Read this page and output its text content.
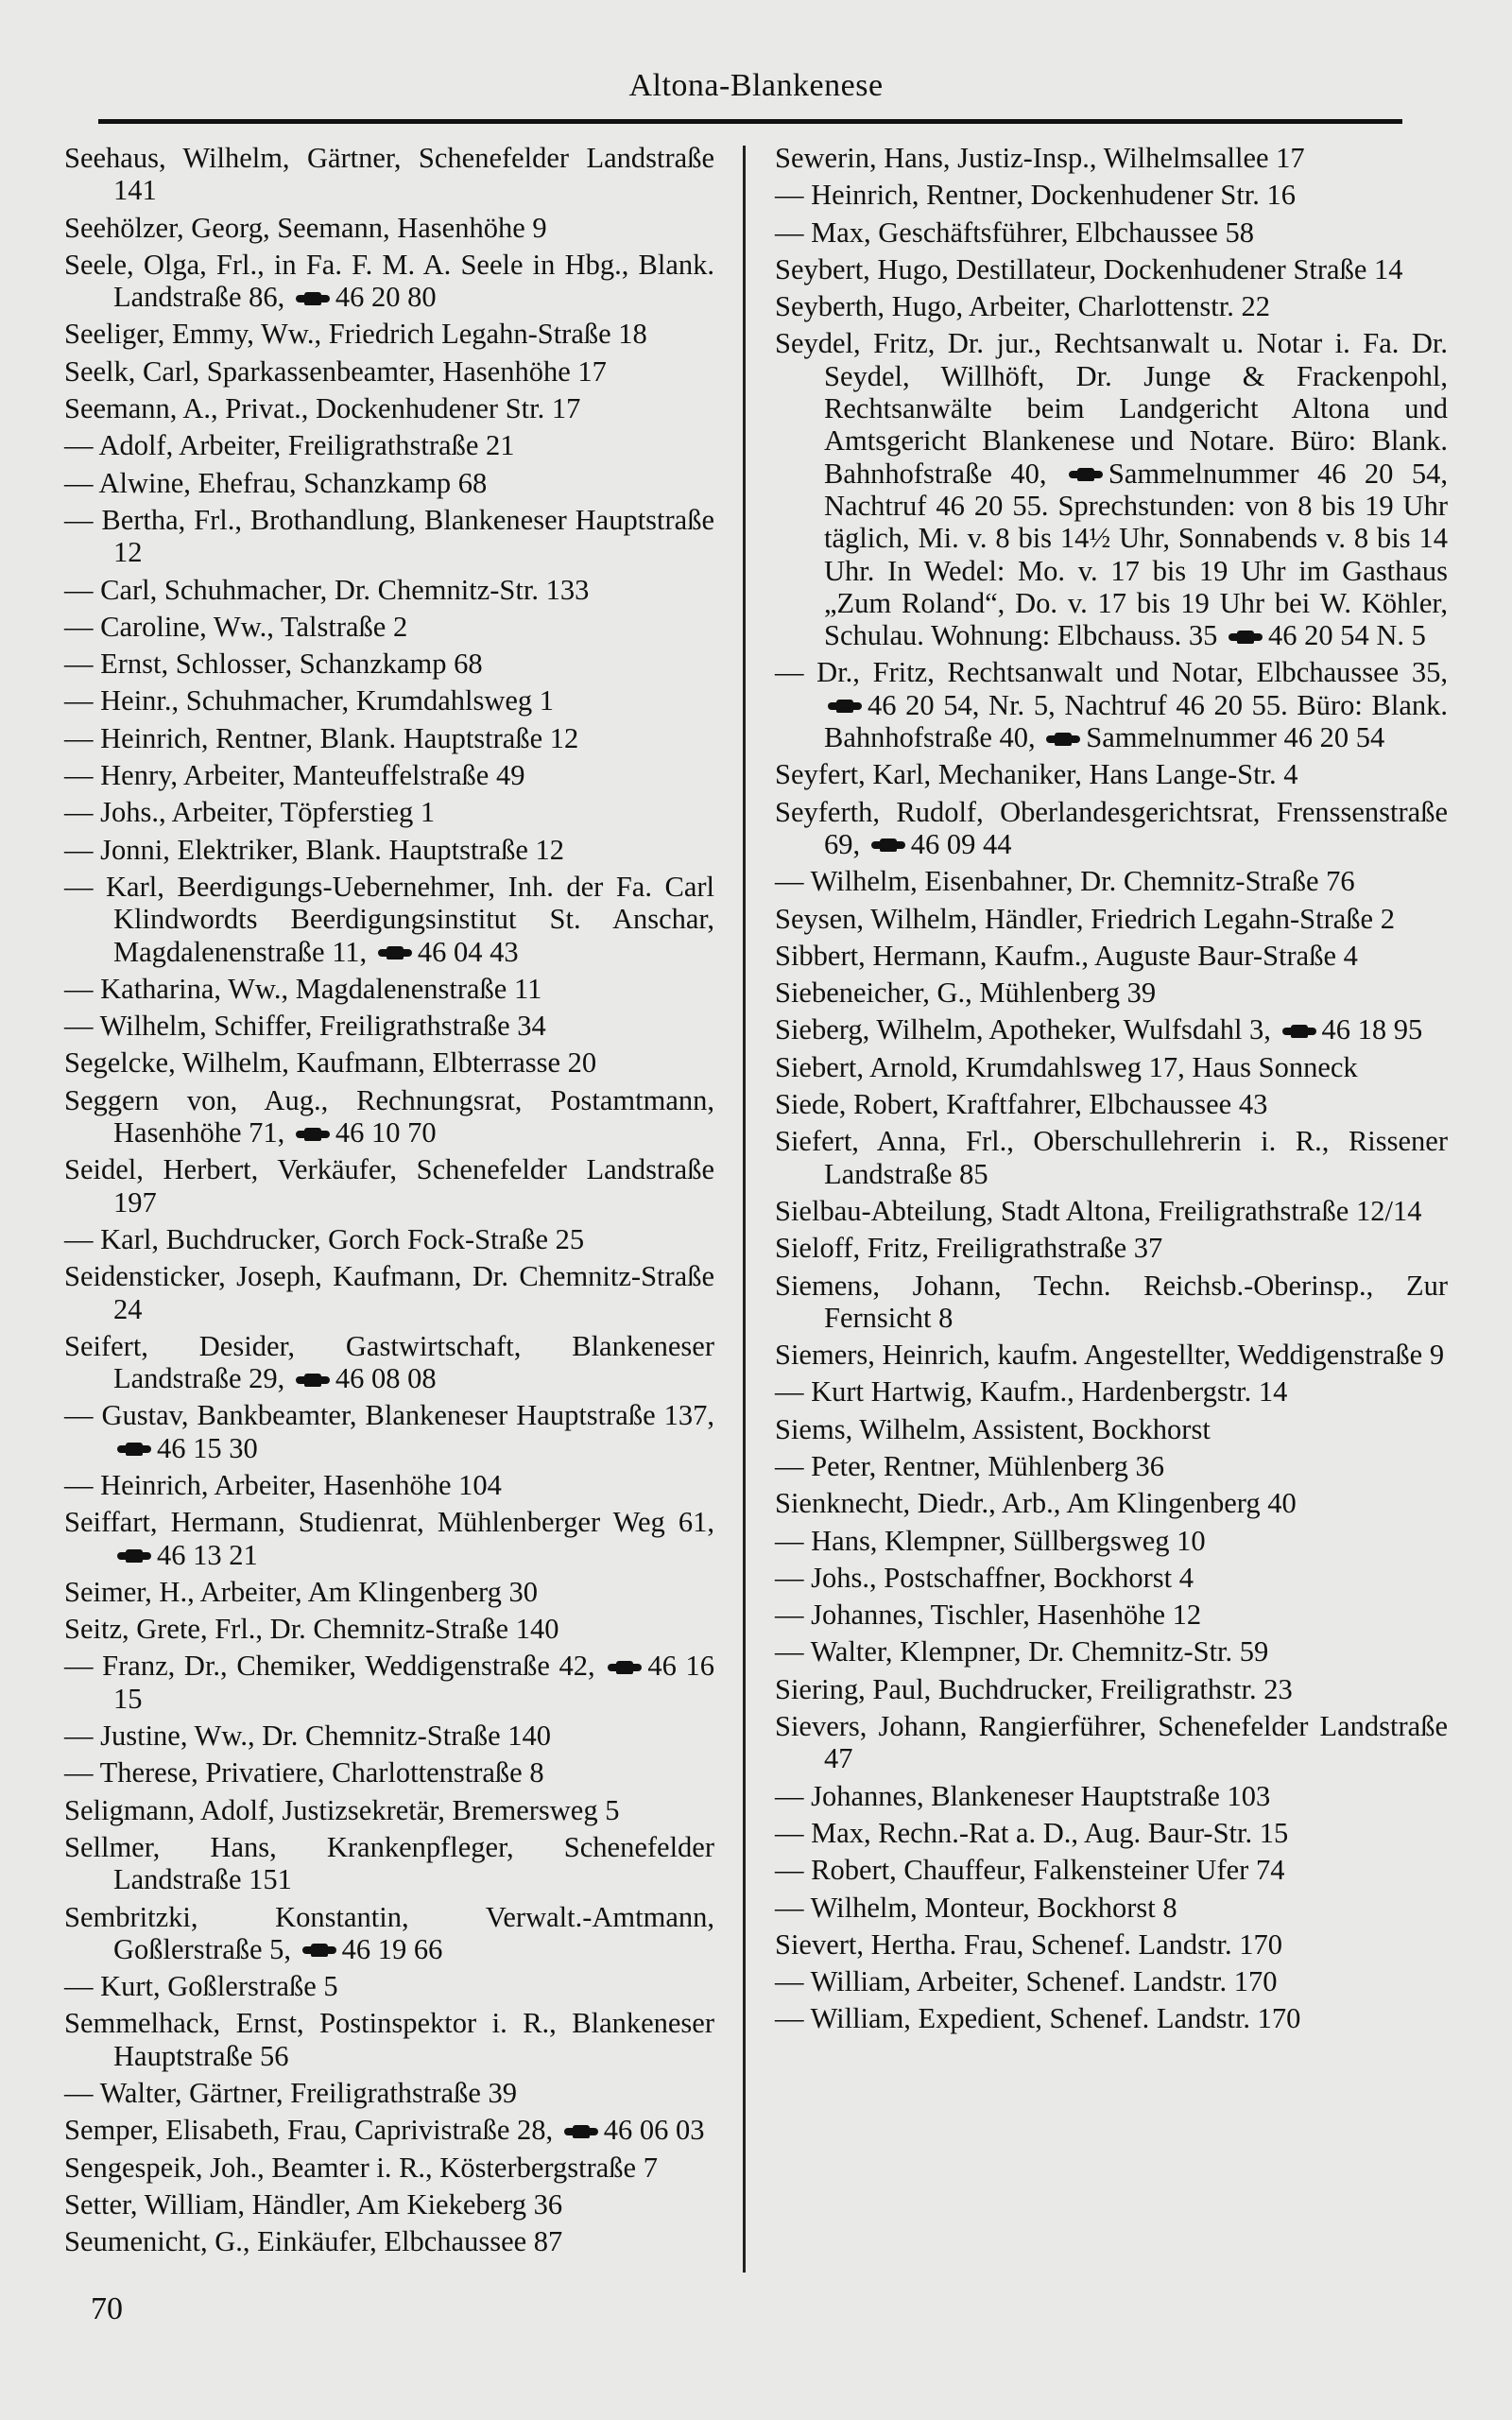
Altona-Blankenese
Seehaus, Wilhelm, Gärtner, Schenefelder Landstraße 141
Seehölzer, Georg, Seemann, Hasenhöhe 9
Seele, Olga, Frl., in Fa. F. M. A. Seele in Hbg., Blank. Landstraße 86, 46 20 80
Seeliger, Emmy, Ww., Friedrich Legahn-Straße 18
Seelk, Carl, Sparkassenbeamter, Hasenhöhe 17
Seemann, A., Privat., Dockenhudener Str. 17
— Adolf, Arbeiter, Freiligrathstraße 21
— Alwine, Ehefrau, Schanzkamp 68
— Bertha, Frl., Brothandlung, Blankeneser Hauptstraße 12
— Carl, Schuhmacher, Dr. Chemnitz-Str. 133
— Caroline, Ww., Talstraße 2
— Ernst, Schlosser, Schanzkamp 68
— Heinr., Schuhmacher, Krumdahlsweg 1
— Heinrich, Rentner, Blank. Hauptstraße 12
— Henry, Arbeiter, Manteuffelstraße 49
— Johs., Arbeiter, Töpferstieg 1
— Jonni, Elektriker, Blank. Hauptstraße 12
— Karl, Beerdigungs-Uebernehmer, Inh. der Fa. Carl Klindwordts Beerdigungsinstitut St. Anschar, Magdalenenstraße 11, 46 04 43
— Katharina, Ww., Magdalenenstraße 11
— Wilhelm, Schiffer, Freiligrathstraße 34
Segelcke, Wilhelm, Kaufmann, Elbterrasse 20
Seggern von, Aug., Rechnungsrat, Postamtmann, Hasenhöhe 71, 46 10 70
Seidel, Herbert, Verkäufer, Schenefelder Landstraße 197
— Karl, Buchdrucker, Gorch Fock-Straße 25
Seidensticker, Joseph, Kaufmann, Dr. Chemnitz-Straße 24
Seifert, Desider, Gastwirtschaft, Blankeneser Landstraße 29, 46 08 08
— Gustav, Bankbeamter, Blankeneser Hauptstraße 137, 46 15 30
— Heinrich, Arbeiter, Hasenhöhe 104
Seiffart, Hermann, Studienrat, Mühlenberger Weg 61, 46 13 21
Seimer, H., Arbeiter, Am Klingenberg 30
Seitz, Grete, Frl., Dr. Chemnitz-Straße 140
— Franz, Dr., Chemiker, Weddigenstraße 42, 46 16 15
— Justine, Ww., Dr. Chemnitz-Straße 140
— Therese, Privatiere, Charlottenstraße 8
Seligmann, Adolf, Justizsekretär, Bremersweg 5
Sellmer, Hans, Krankenpfleger, Schenefelder Landstraße 151
Sembritzki, Konstantin, Verwalt.-Amtmann, Goßlerstraße 5, 46 19 66
— Kurt, Goßlerstraße 5
Semmelhack, Ernst, Postinspektor i. R., Blankeneser Hauptstraße 56
— Walter, Gärtner, Freiligrathstraße 39
Semper, Elisabeth, Frau, Caprivistraße 28, 46 06 03
Sengespeik, Joh., Beamter i. R., Kösterbergstraße 7
Setter, William, Händler, Am Kiekeberg 36
Seumenicht, G., Einkäufer, Elbchaussee 87
Sewerin, Hans, Justiz-Insp., Wilhelmsallee 17
— Heinrich, Rentner, Dockenhudener Str. 16
— Max, Geschäftsführer, Elbchaussee 58
Seybert, Hugo, Destillateur, Dockenhudener Straße 14
Seyberth, Hugo, Arbeiter, Charlottenstr. 22
Seydel, Fritz, Dr. jur., Rechtsanwalt u. Notar i. Fa. Dr. Seydel, Willhöft, Dr. Junge & Frackenpohl, Rechtsanwälte beim Landgericht Altona und Amtsgericht Blankenese und Notare. Büro: Blank. Bahnhofstraße 40, Sammelnummer 46 20 54, Nachtruf 46 20 55. Sprechstunden: von 8 bis 19 Uhr täglich, Mi. v. 8 bis 14½ Uhr, Sonnabends v. 8 bis 14 Uhr. In Wedel: Mo. v. 17 bis 19 Uhr im Gasthaus „Zum Roland“, Do. v. 17 bis 19 Uhr bei W. Köhler, Schulau. Wohnung: Elbchauss. 35 46 20 54 N. 5
— Dr., Fritz, Rechtsanwalt und Notar, Elbchaussee 35, 46 20 54, Nr. 5, Nachtruf 46 20 55. Büro: Blank. Bahnhofstraße 40, Sammelnummer 46 20 54
Seyfert, Karl, Mechaniker, Hans Lange-Str. 4
Seyferth, Rudolf, Oberlandesgerichtsrat, Frenssenstraße 69, 46 09 44
— Wilhelm, Eisenbahner, Dr. Chemnitz-Straße 76
Seysen, Wilhelm, Händler, Friedrich Legahn-Straße 2
Sibbert, Hermann, Kaufm., Auguste Baur-Straße 4
Siebeneicher, G., Mühlenberg 39
Sieberg, Wilhelm, Apotheker, Wulfsdahl 3, 46 18 95
Siebert, Arnold, Krumdahlsweg 17, Haus Sonneck
Siede, Robert, Kraftfahrer, Elbchaussee 43
Siefert, Anna, Frl., Oberschullehrerin i. R., Rissener Landstraße 85
Sielbau-Abteilung, Stadt Altona, Freiligrathstraße 12/14
Sieloff, Fritz, Freiligrathstraße 37
Siemens, Johann, Techn. Reichsb.-Oberinsp., Zur Fernsicht 8
Siemers, Heinrich, kaufm. Angestellter, Weddigenstraße 9
— Kurt Hartwig, Kaufm., Hardenbergstr. 14
Siems, Wilhelm, Assistent, Bockhorst
— Peter, Rentner, Mühlenberg 36
Sienknecht, Diedr., Arb., Am Klingenberg 40
— Hans, Klempner, Süllbergsweg 10
— Johs., Postschaffner, Bockhorst 4
— Johannes, Tischler, Hasenhöhe 12
— Walter, Klempner, Dr. Chemnitz-Str. 59
Siering, Paul, Buchdrucker, Freiligrathstr. 23
Sievers, Johann, Rangierführer, Schenefelder Landstraße 47
— Johannes, Blankeneser Hauptstraße 103
— Max, Rechn.-Rat a. D., Aug. Baur-Str. 15
— Robert, Chauffeur, Falkensteiner Ufer 74
— Wilhelm, Monteur, Bockhorst 8
Sievert, Hertha. Frau, Schenef. Landstr. 170
— William, Arbeiter, Schenef. Landstr. 170
— William, Expedient, Schenef. Landstr. 170
70
